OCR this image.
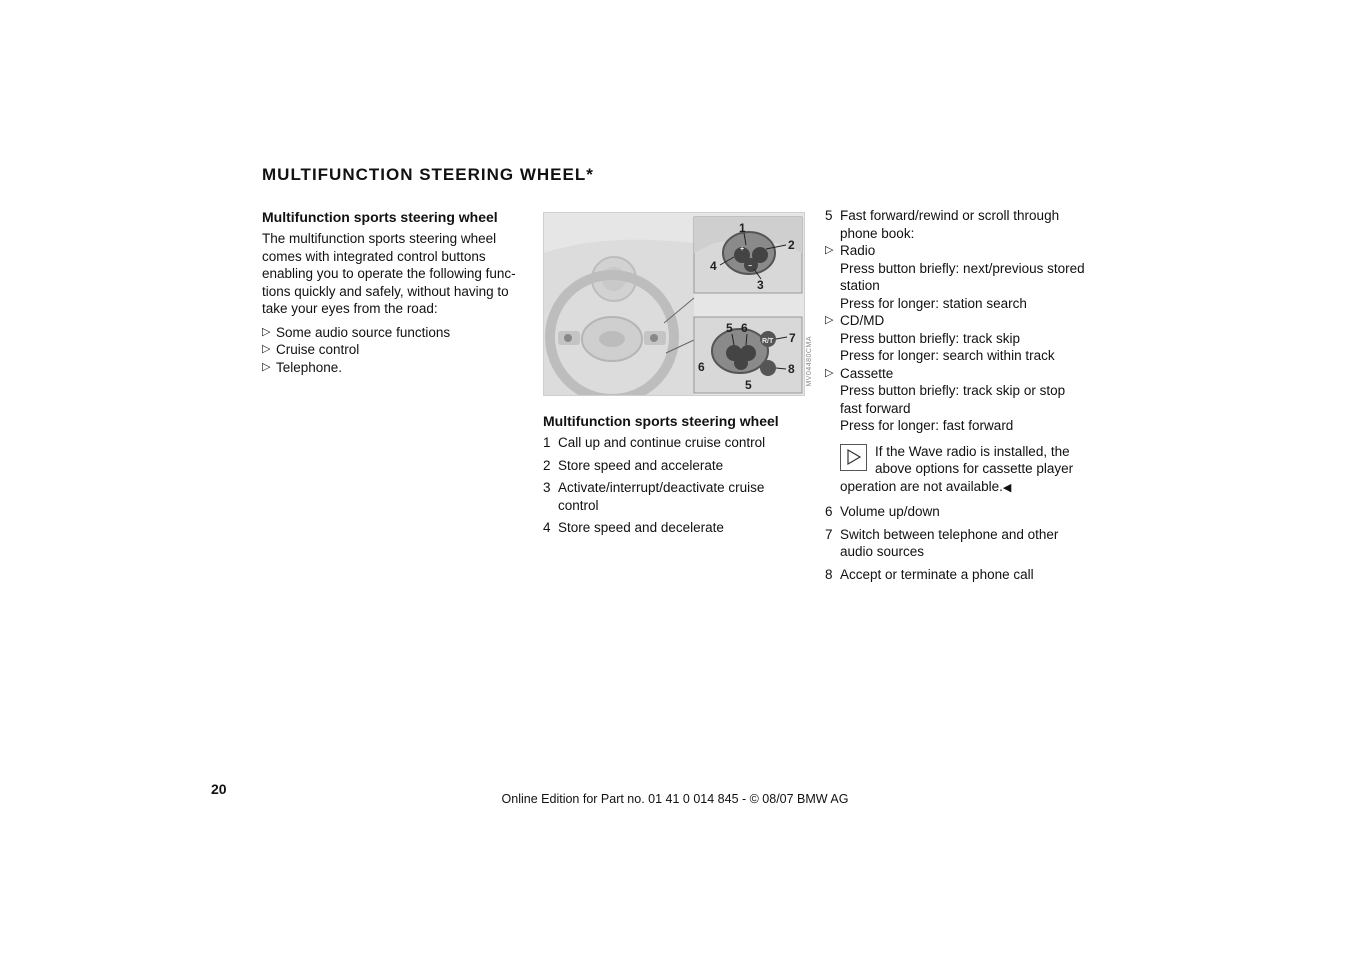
MULTIFUNCTION STEERING WHEEL*
Multifunction sports steering wheel

The multifunction sports steering wheel comes with integrated control buttons enabling you to operate the following func-tions quickly and safely, without having to take your eyes from the road:

▷ Some audio source functions
▷ Cruise control
▷ Telephone.
1
2
3
4
5 6
7
8
6
5
+
−
R/T	MV04480CMA
Multifunction sports steering wheel
1 Call up and continue cruise control
2 Store speed and accelerate
3 Activate/interrupt/deactivate cruise control
4 Store speed and decelerate
5 Fast forward/rewind or scroll through phone book:
▷ Radio
Press button briefly: next/previous stored station
Press for longer: station search
▷ CD/MD
Press button briefly: track skip
Press for longer: search within track
▷ Cassette
Press button briefly: track skip or stop fast forward
Press for longer: fast forward
If the Wave radio is installed, the above options for cassette player operation are not available.◀
6 Volume up/down
7 Switch between telephone and other audio sources
8 Accept or terminate a phone call
20
Online Edition for Part no. 01 41 0 014 845 - © 08/07 BMW AG
